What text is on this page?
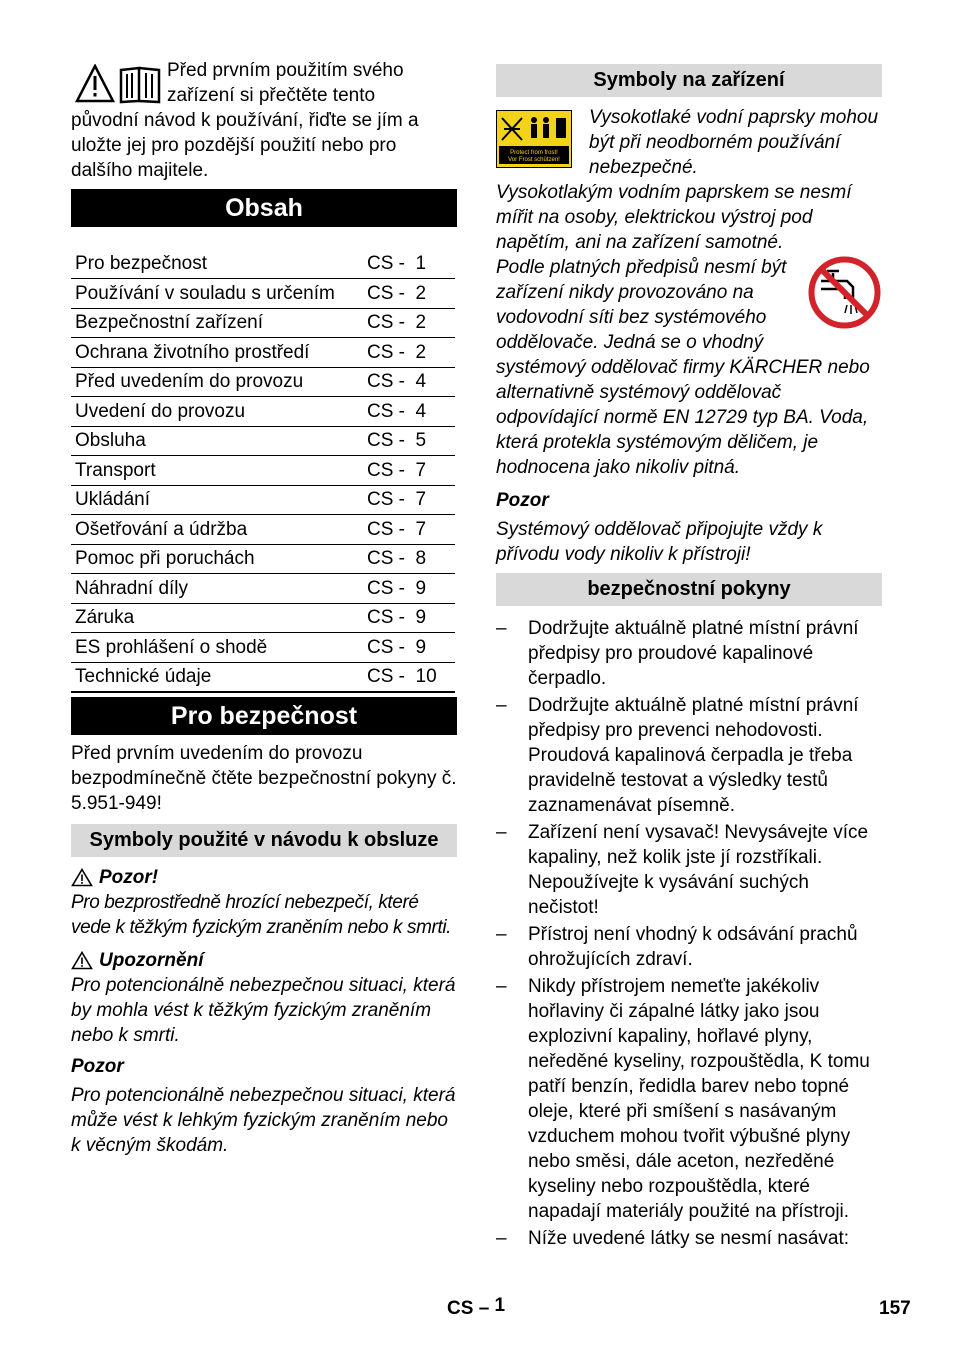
Před prvním použitím svého

zařízení si přečtěte tento

původní návod k používání, řiďte se jím a

uložte jej pro pozdější použití nebo pro

dalšího majitele.

Obsah
Pro bezpečnost	CS -  1
Používání v souladu s určením	CS -  2
Bezpečnostní zařízení	CS -  2
Ochrana životního prostředí	CS -  2
Před uvedením do provozu	CS -  4
Uvedení do provozu	CS -  4
Obsluha	CS -  5
Transport	CS -  7
Ukládání	CS -  7
Ošetřování a údržba	CS -  7
Pomoc při poruchách	CS -  8
Náhradní díly	CS -  9
Záruka	CS -  9
ES prohlášení o shodě	CS -  9
Technické údaje	CS -  10
Pro bezpečnost

Před prvním uvedením do provozu bezpodmínečně čtěte bezpečnostní pokyny č. 5.951-949!

Symboly použité v návodu k obsluze
Pozor!

Pro bezprostředně hrozící nebezpečí, které vede k těžkým fyzickým zraněním nebo k smrti.

Upozornění

Pro potencionálně nebezpečnou situaci, která by mohla vést k těžkým fyzickým zraněním nebo k smrti.

Pozor

Pro potencionálně nebezpečnou situaci, která může vést k lehkým fyzickým zraněním nebo k věcným škodám.

Symboly na zařízení
Protect from frost!
Vor Frost schützen!

Vysokotlaké vodní paprsky mohou být při neodborném používání nebezpečné.

Vysokotlakým vodním paprskem se nesmí mířit na osoby, elektrickou výstroj pod napětím, ani na zařízení samotné.

Podle platných předpisů nesmí být zařízení nikdy provozováno na vodovodní síti bez systémového oddělovače. Jedná se o vhodný systémový oddělovač firmy KÄRCHER nebo alternativně systémový oddělovač odpovídající normě EN 12729 typ BA. Voda, která protekla systémovým děličem, je hodnocena jako nikoliv pitná.

Pozor

Systémový oddělovač připojujte vždy k přívodu vody nikoliv k přístroji!

bezpečnostní pokyny
– Dodržujte aktuálně platné místní právní předpisy pro proudové kapalinové čerpadlo.
– Dodržujte aktuálně platné místní právní předpisy pro prevenci nehodovosti. Proudová kapalinová čerpadla je třeba pravidelně testovat a výsledky testů zaznamenávat písemně.
– Zařízení není vysavač! Nevysávejte více kapaliny, než kolik jste jí rozstříkali. Nepoužívejte k vysávání suchých nečistot!
– Přístroj není vhodný k odsávání prachů ohrožujících zdraví.
– Nikdy přístrojem nemeťte jakékoliv hořlaviny či zápalné látky jako jsou explozivní kapaliny, hořlavé plyny, neředěné kyseliny, rozpouštědla, K tomu patří benzín, ředidla barev nebo topné oleje, které při smíšení s nasávaným vzduchem mohou tvořit výbušné plyny nebo směsi, dále aceton, nezředěné kyseliny nebo rozpouštědla, které napadají materiály použité na přístroji.
– Níže uvedené látky se nesmí nasávat:
CS – 1	157
